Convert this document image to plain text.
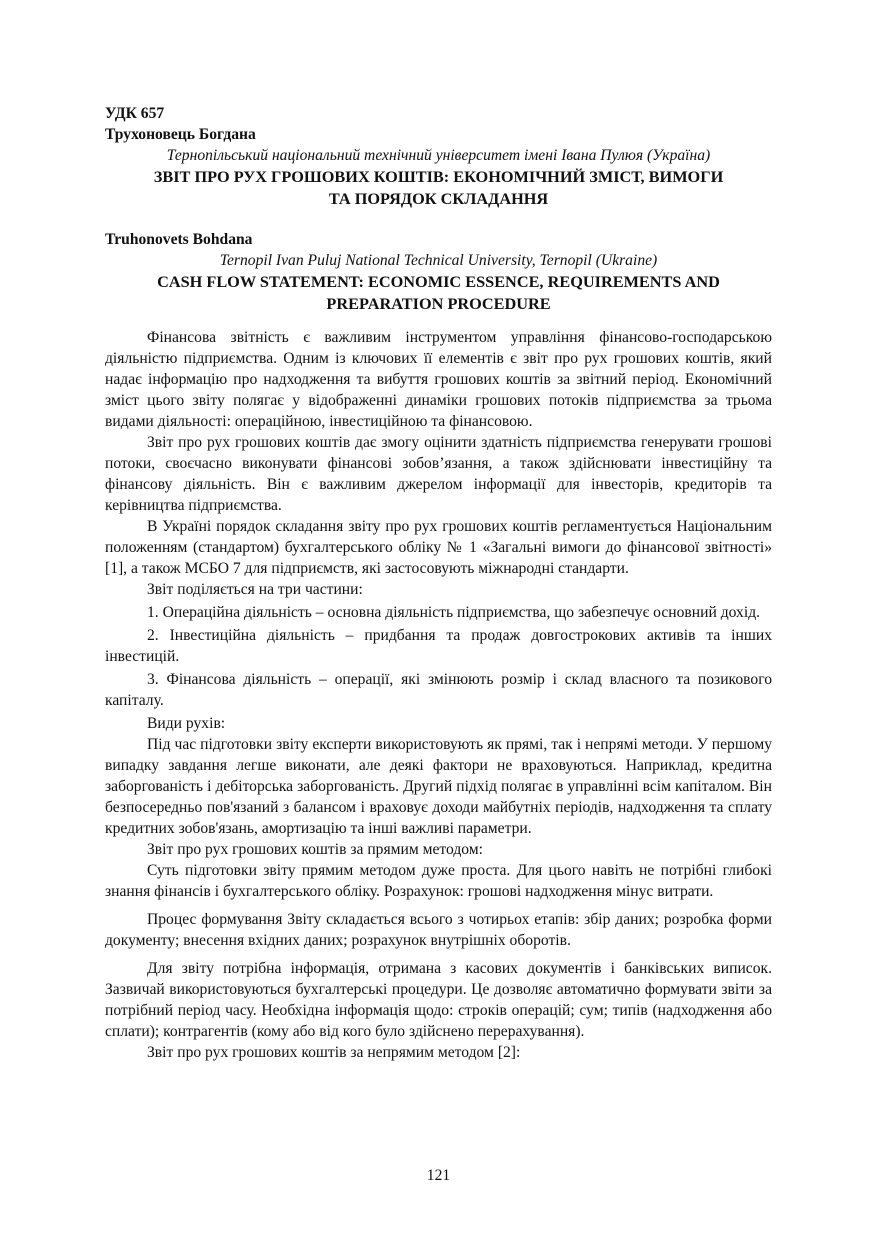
УДК 657

Трухоновець Богдана

Тернопільський національний технічний університет імені Івана Пулюя (Україна)

ЗВІТ ПРО РУХ ГРОШОВИХ КОШТІВ: ЕКОНОМІЧНИЙ ЗМІСТ, ВИМОГИ

ТА ПОРЯДОК СКЛАДАННЯ

Truhonovets Bohdana

Ternopil Ivan Puluj National Technical University, Ternopil (Ukraine)

CASH FLOW STATEMENT: ECONOMIC ESSENCE, REQUIREMENTS AND

PREPARATION PROCEDURE

Фінансова звітність є важливим інструментом управління фінансово-господарською діяльністю підприємства. Одним із ключових її елементів є звіт про рух грошових коштів, який надає інформацію про надходження та вибуття грошових коштів за звітний період. Економічний зміст цього звіту полягає у відображенні динаміки грошових потоків підприємства за трьома видами діяльності: операційною, інвестиційною та фінансовою.

Звіт про рух грошових коштів дає змогу оцінити здатність підприємства генерувати грошові потоки, своєчасно виконувати фінансові зобов’язання, а також здійснювати інвестиційну та фінансову діяльність. Він є важливим джерелом інформації для інвесторів, кредиторів та керівництва підприємства.

В Україні порядок складання звіту про рух грошових коштів регламентується Національним положенням (стандартом) бухгалтерського обліку № 1 «Загальні вимоги до фінансової звітності» [1], а також МСБО 7 для підприємств, які застосовують міжнародні стандарти.

Звіт поділяється на три частини:

1. Операційна діяльність – основна діяльність підприємства, що забезпечує основний дохід.

2. Інвестиційна діяльність – придбання та продаж довгострокових активів та інших інвестицій.

3. Фінансова діяльність – операції, які змінюють розмір і склад власного та позикового капіталу.

Види рухів:

Під час підготовки звіту експерти використовують як прямі, так і непрямі методи. У першому випадку завдання легше виконати, але деякі фактори не враховуються. Наприклад, кредитна заборгованість і дебіторська заборгованість. Другий підхід полягає в управлінні всім капіталом. Він безпосередньо пов'язаний з балансом і враховує доходи майбутніх періодів, надходження та сплату кредитних зобов'язань, амортизацію та інші важливі параметри.

Звіт про рух грошових коштів за прямим методом:

Суть підготовки звіту прямим методом дуже проста. Для цього навіть не потрібні глибокі знання фінансів і бухгалтерського обліку. Розрахунок: грошові надходження мінус витрати.

Процес формування Звіту складається всього з чотирьох етапів: збір даних; розробка форми документу; внесення вхідних даних; розрахунок внутрішніх оборотів.

Для звіту потрібна інформація, отримана з касових документів і банківських виписок. Зазвичай використовуються бухгалтерські процедури. Це дозволяє автоматично формувати звіти за потрібний період часу. Необхідна інформація щодо: строків операцій; сум; типів (надходження або сплати); контрагентів (кому або від кого було здійснено перерахування).

Звіт про рух грошових коштів за непрямим методом [2]:

121
